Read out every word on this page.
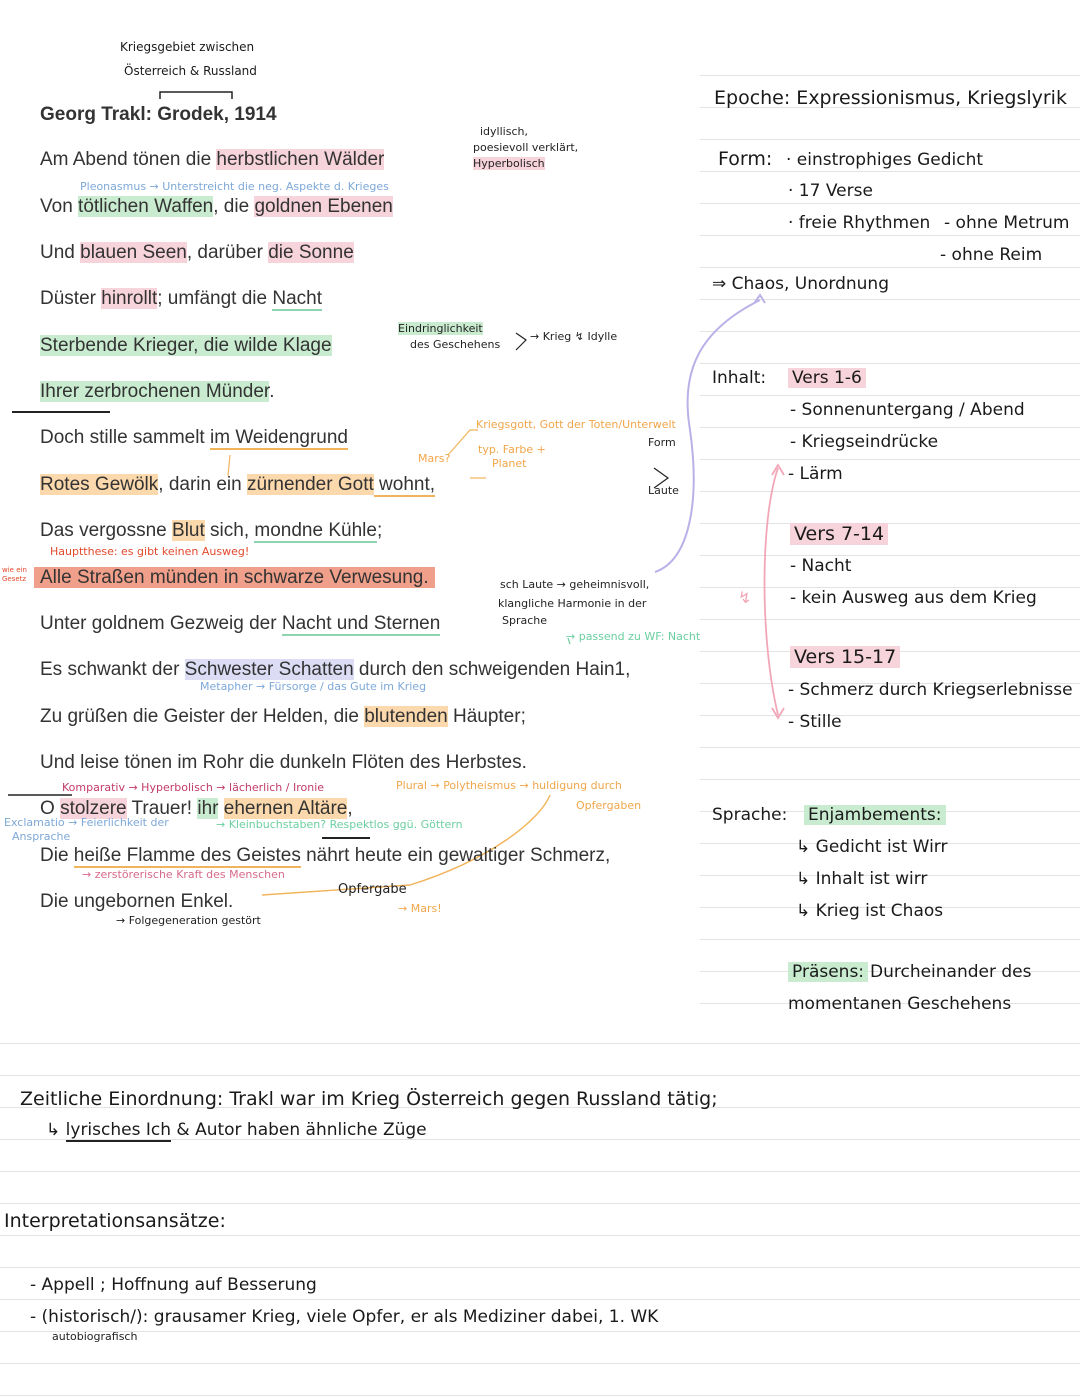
Kriegsgebiet zwischen
Österreich & Russland
Georg Trakl: Grodek, 1914
Am Abend tönen die herbstlichen Wälder
Von tötlichen Waffen, die goldnen Ebenen
Und blauen Seen, darüber die Sonne
Düster hinrollt; umfängt die Nacht
Sterbende Krieger, die wilde Klage
Ihrer zerbrochenen Münder.
Doch stille sammelt im Weidengrund
Rotes Gewölk, darin ein zürnender Gott wohnt,
Das vergossne Blut sich, mondne Kühle;
Alle Straßen münden in schwarze Verwesung.
Unter goldnem Gezweig der Nacht und Sternen
Es schwankt der Schwester Schatten durch den schweigenden Hain1,
Zu grüßen die Geister der Helden, die blutenden Häupter;
Und leise tönen im Rohr die dunkeln Flöten des Herbstes.
O stolzere Trauer! ihr ehernen Altäre,
Die heiße Flamme des Geistes nährt heute ein gewaltiger Schmerz,
Die ungebornen Enkel.
idyllisch,
poesievoll verklärt,
Hyperbolisch
Pleonasmus → Unterstreicht die neg. Aspekte d. Krieges
Eindringlichkeit
des Geschehens
→ Krieg ↯ Idylle
Kriegsgott, Gott der Toten/Unterwelt
Mars?
typ. Farbe +
Planet
Form
Laute
Hauptthese: es gibt keinen Ausweg!
wie ein Gesetz	sch Laute → geheimnisvoll,
klangliche Harmonie in der
Sprache
→ passend zu WF: Nacht
Metapher → Fürsorge / das Gute im Krieg
Komparativ → Hyperbolisch → lächerlich / Ironie	Plural → Polytheismus → huldigung durch
Opfergaben
Exclamatio → Feierlichkeit der
Ansprache
→ Kleinbuchstaben? Respektlos ggü. Göttern
→ zerstörerische Kraft des Menschen
Opfergabe
→ Mars!
→ Folgegeneration gestört
Epoche: Expressionismus, Kriegslyrik
Form: · einstrophiges Gedicht
· 17 Verse
· freie Rhythmen - ohne Metrum
- ohne Reim
⇒ Chaos, Unordnung
Inhalt: Vers 1-6
- Sonnenuntergang / Abend
- Kriegseindrücke
- Lärm
Vers 7-14
- Nacht
↯ - kein Ausweg aus dem Krieg
Vers 15-17
- Schmerz durch Kriegserlebnisse
- Stille
Sprache: Enjambements:
↳ Gedicht ist Wirr
↳ Inhalt ist wirr
↳ Krieg ist Chaos
Präsens: Durcheinander des
momentanen Geschehens
Zeitliche Einordnung: Trakl war im Krieg Österreich gegen Russland tätig;
↳ lyrisches Ich & Autor haben ähnliche Züge
Interpretationsansätze:
- Appell ; Hoffnung auf Besserung
- (historisch/): grausamer Krieg, viele Opfer, er als Mediziner dabei, 1. WK
autobiografisch
